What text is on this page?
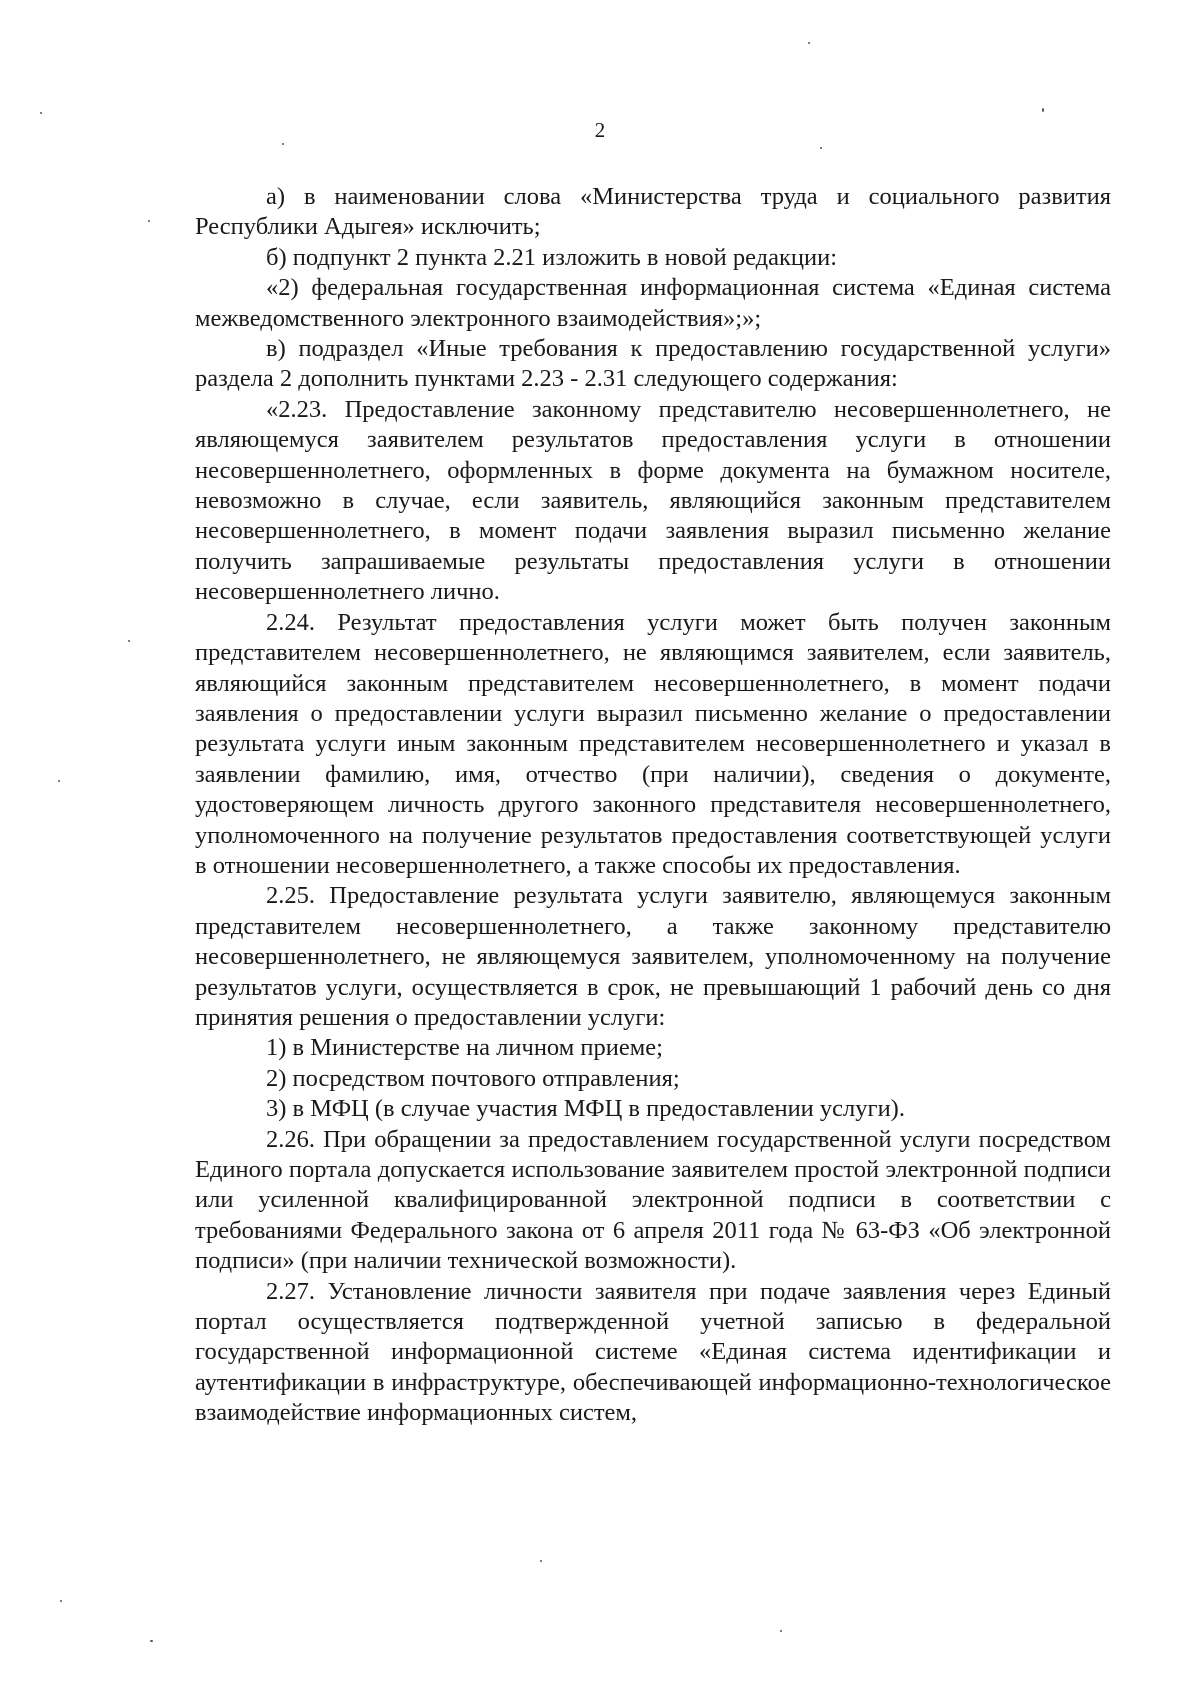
2

а) в наименовании слова «Министерства труда и социального развития Республики Адыгея» исключить;

б) подпункт 2 пункта 2.21 изложить в новой редакции:

«2) федеральная государственная информационная система «Единая система межведомственного электронного взаимодействия»;»;

в) подраздел «Иные требования к предоставлению государственной услуги» раздела 2 дополнить пунктами 2.23 - 2.31 следующего содержания:

«2.23. Предоставление законному представителю несовершеннолетнего, не являющемуся заявителем результатов предоставления услуги в отношении несовершеннолетнего, оформленных в форме документа на бумажном носителе, невозможно в случае, если заявитель, являющийся законным представителем несовершеннолетнего, в момент подачи заявления выразил письменно желание получить запрашиваемые результаты предоставления услуги в отношении несовершеннолетнего лично.

2.24. Результат предоставления услуги может быть получен законным представителем несовершеннолетнего, не являющимся заявителем, если заявитель, являющийся законным представителем несовершеннолетнего, в момент подачи заявления о предоставлении услуги выразил письменно желание о предоставлении результата услуги иным законным представителем несовершеннолетнего и указал в заявлении фамилию, имя, отчество (при наличии), сведения о документе, удостоверяющем личность другого законного представителя несовершеннолетнего, уполномоченного на получение результатов предоставления соответствующей услуги в отношении несовершеннолетнего, а также способы их предоставления.

2.25. Предоставление результата услуги заявителю, являющемуся законным представителем несовершеннолетнего, а также законному представителю несовершеннолетнего, не являющемуся заявителем, уполномоченному на получение результатов услуги, осуществляется в срок, не превышающий 1 рабочий день со дня принятия решения о предоставлении услуги:

1) в Министерстве на личном приеме;

2) посредством почтового отправления;

3) в МФЦ (в случае участия МФЦ в предоставлении услуги).

2.26. При обращении за предоставлением государственной услуги посредством Единого портала допускается использование заявителем простой электронной подписи или усиленной квалифицированной электронной подписи в соответствии с требованиями Федерального закона от 6 апреля 2011 года № 63-ФЗ «Об электронной подписи» (при наличии технической возможности).

2.27. Установление личности заявителя при подаче заявления через Единый портал осуществляется подтвержденной учетной записью в федеральной государственной информационной системе «Единая система идентификации и аутентификации в инфраструктуре, обеспечивающей информационно-технологическое взаимодействие информационных систем,
